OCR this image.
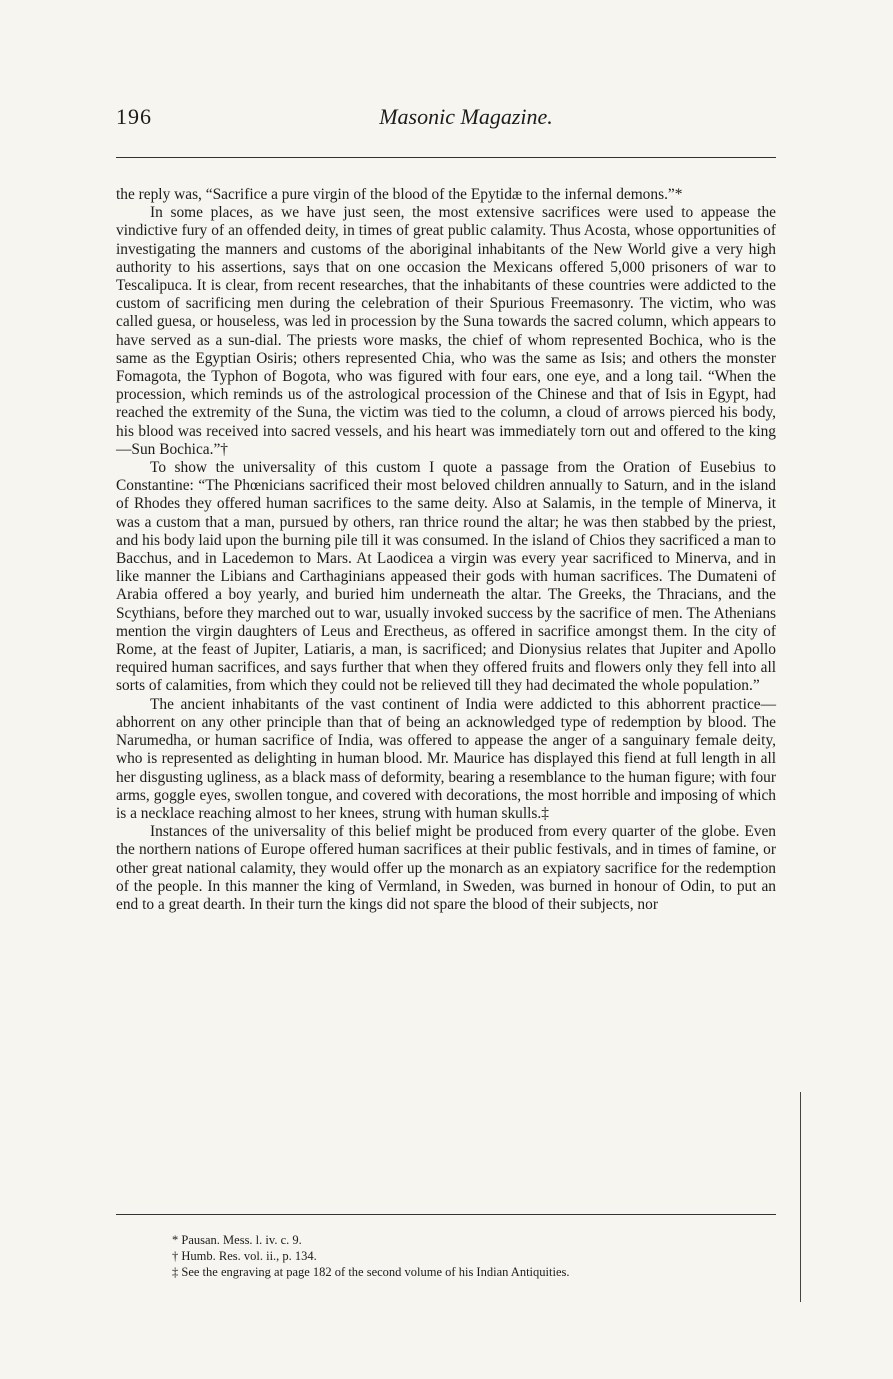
196	Masonic Magazine.

the reply was, “Sacrifice a pure virgin of the blood of the Epytidæ to the infernal demons.”*

In some places, as we have just seen, the most extensive sacrifices were used to appease the vindictive fury of an offended deity, in times of great public calamity. Thus Acosta, whose opportunities of investigating the manners and customs of the aboriginal inhabitants of the New World give a very high authority to his assertions, says that on one occasion the Mexicans offered 5,000 prisoners of war to Tescalipuca. It is clear, from recent researches, that the inhabitants of these countries were addicted to the custom of sacrificing men during the celebration of their Spurious Freemasonry. The victim, who was called guesa, or houseless, was led in procession by the Suna towards the sacred column, which appears to have served as a sun-dial. The priests wore masks, the chief of whom represented Bochica, who is the same as the Egyptian Osiris; others represented Chia, who was the same as Isis; and others the monster Fomagota, the Typhon of Bogota, who was figured with four ears, one eye, and a long tail. “When the procession, which reminds us of the astrological procession of the Chinese and that of Isis in Egypt, had reached the extremity of the Suna, the victim was tied to the column, a cloud of arrows pierced his body, his blood was received into sacred vessels, and his heart was immediately torn out and offered to the king—Sun Bochica.”†

To show the universality of this custom I quote a passage from the Oration of Eusebius to Constantine: “The Phœnicians sacrificed their most beloved children annually to Saturn, and in the island of Rhodes they offered human sacrifices to the same deity. Also at Salamis, in the temple of Minerva, it was a custom that a man, pursued by others, ran thrice round the altar; he was then stabbed by the priest, and his body laid upon the burning pile till it was consumed. In the island of Chios they sacrificed a man to Bacchus, and in Lacedemon to Mars. At Laodicea a virgin was every year sacrificed to Minerva, and in like manner the Libians and Carthaginians appeased their gods with human sacrifices. The Dumateni of Arabia offered a boy yearly, and buried him underneath the altar. The Greeks, the Thracians, and the Scythians, before they marched out to war, usually invoked success by the sacrifice of men. The Athenians mention the virgin daughters of Leus and Erectheus, as offered in sacrifice amongst them. In the city of Rome, at the feast of Jupiter, Latiaris, a man, is sacrificed; and Dionysius relates that Jupiter and Apollo required human sacrifices, and says further that when they offered fruits and flowers only they fell into all sorts of calamities, from which they could not be relieved till they had decimated the whole population.”

The ancient inhabitants of the vast continent of India were addicted to this abhorrent practice—abhorrent on any other principle than that of being an acknowledged type of redemption by blood. The Narumedha, or human sacrifice of India, was offered to appease the anger of a sanguinary female deity, who is represented as delighting in human blood. Mr. Maurice has displayed this fiend at full length in all her disgusting ugliness, as a black mass of deformity, bearing a resemblance to the human figure; with four arms, goggle eyes, swollen tongue, and covered with decorations, the most horrible and imposing of which is a necklace reaching almost to her knees, strung with human skulls.‡

Instances of the universality of this belief might be produced from every quarter of the globe. Even the northern nations of Europe offered human sacrifices at their public festivals, and in times of famine, or other great national calamity, they would offer up the monarch as an expiatory sacrifice for the redemption of the people. In this manner the king of Vermland, in Sweden, was burned in honour of Odin, to put an end to a great dearth. In their turn the kings did not spare the blood of their subjects, nor

* Pausan. Mess. l. iv. c. 9.
† Humb. Res. vol. ii., p. 134.
‡ See the engraving at page 182 of the second volume of his Indian Antiquities.
